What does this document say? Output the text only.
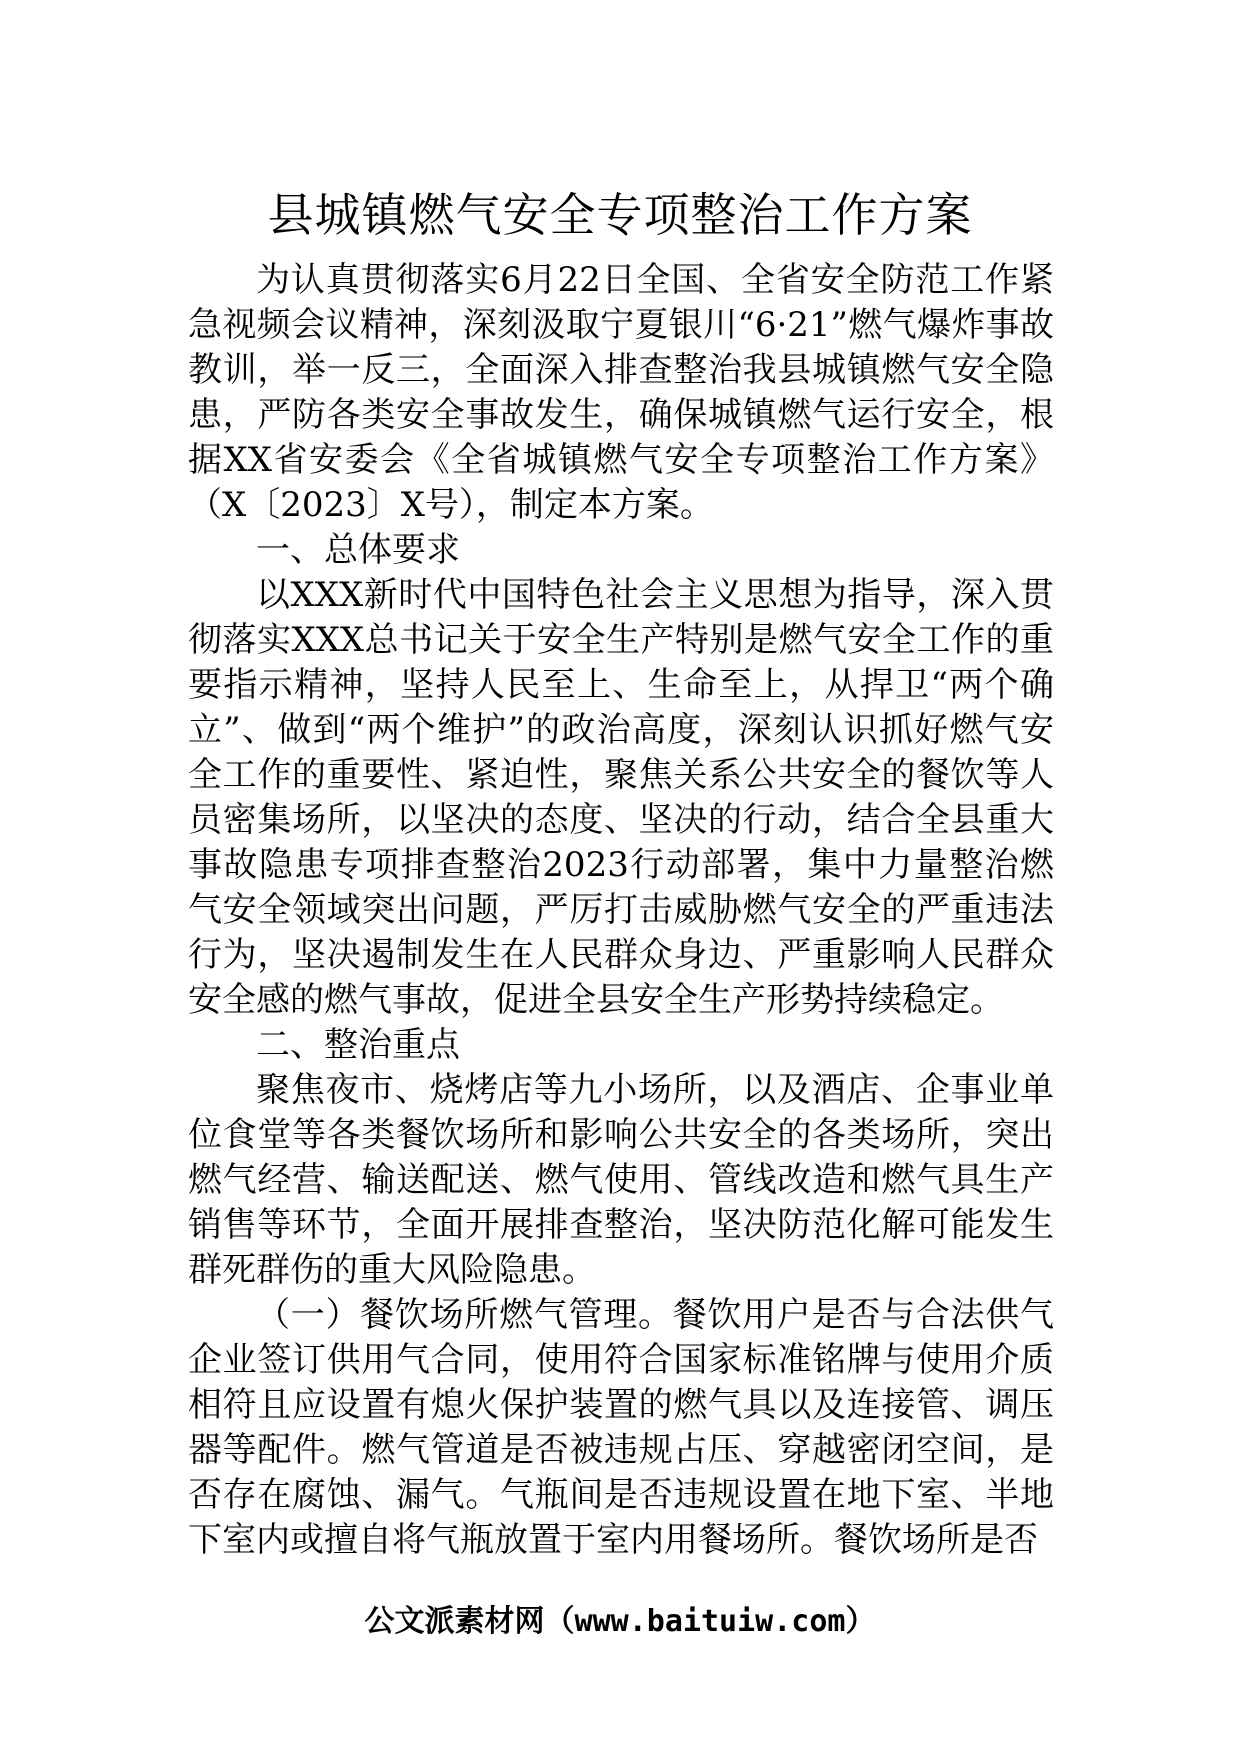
县城镇燃气安全专项整治工作方案

为认真贯彻落实6月22日全国、全省安全防范工作紧急视频会议精神，深刻汲取宁夏银川“6·21”燃气爆炸事故教训，举一反三，全面深入排查整治我县城镇燃气安全隐患，严防各类安全事故发生，确保城镇燃气运行安全，根据XX省安委会《全省城镇燃气安全专项整治工作方案》（X〔2023〕X号），制定本方案。

一、总体要求

以XXX新时代中国特色社会主义思想为指导，深入贯彻落实XXX总书记关于安全生产特别是燃气安全工作的重要指示精神，坚持人民至上、生命至上，从捍卫“两个确立”、做到“两个维护”的政治高度，深刻认识抓好燃气安全工作的重要性、紧迫性，聚焦关系公共安全的餐饮等人员密集场所，以坚决的态度、坚决的行动，结合全县重大事故隐患专项排查整治2023行动部署，集中力量整治燃气安全领域突出问题，严厉打击威胁燃气安全的严重违法行为，坚决遏制发生在人民群众身边、严重影响人民群众安全感的燃气事故，促进全县安全生产形势持续稳定。

二、整治重点

聚焦夜市、烧烤店等九小场所，以及酒店、企事业单位食堂等各类餐饮场所和影响公共安全的各类场所，突出燃气经营、输送配送、燃气使用、管线改造和燃气具生产销售等环节，全面开展排查整治，坚决防范化解可能发生群死群伤的重大风险隐患。

（一）餐饮场所燃气管理。餐饮用户是否与合法供气企业签订供用气合同，使用符合国家标准铭牌与使用介质相符且应设置有熄火保护装置的燃气具以及连接管、调压器等配件。燃气管道是否被违规占压、穿越密闭空间，是否存在腐蚀、漏气。气瓶间是否违规设置在地下室、半地下室内或擅自将气瓶放置于室内用餐场所。餐饮场所是否

公文派素材网（www.baituiw.com）
